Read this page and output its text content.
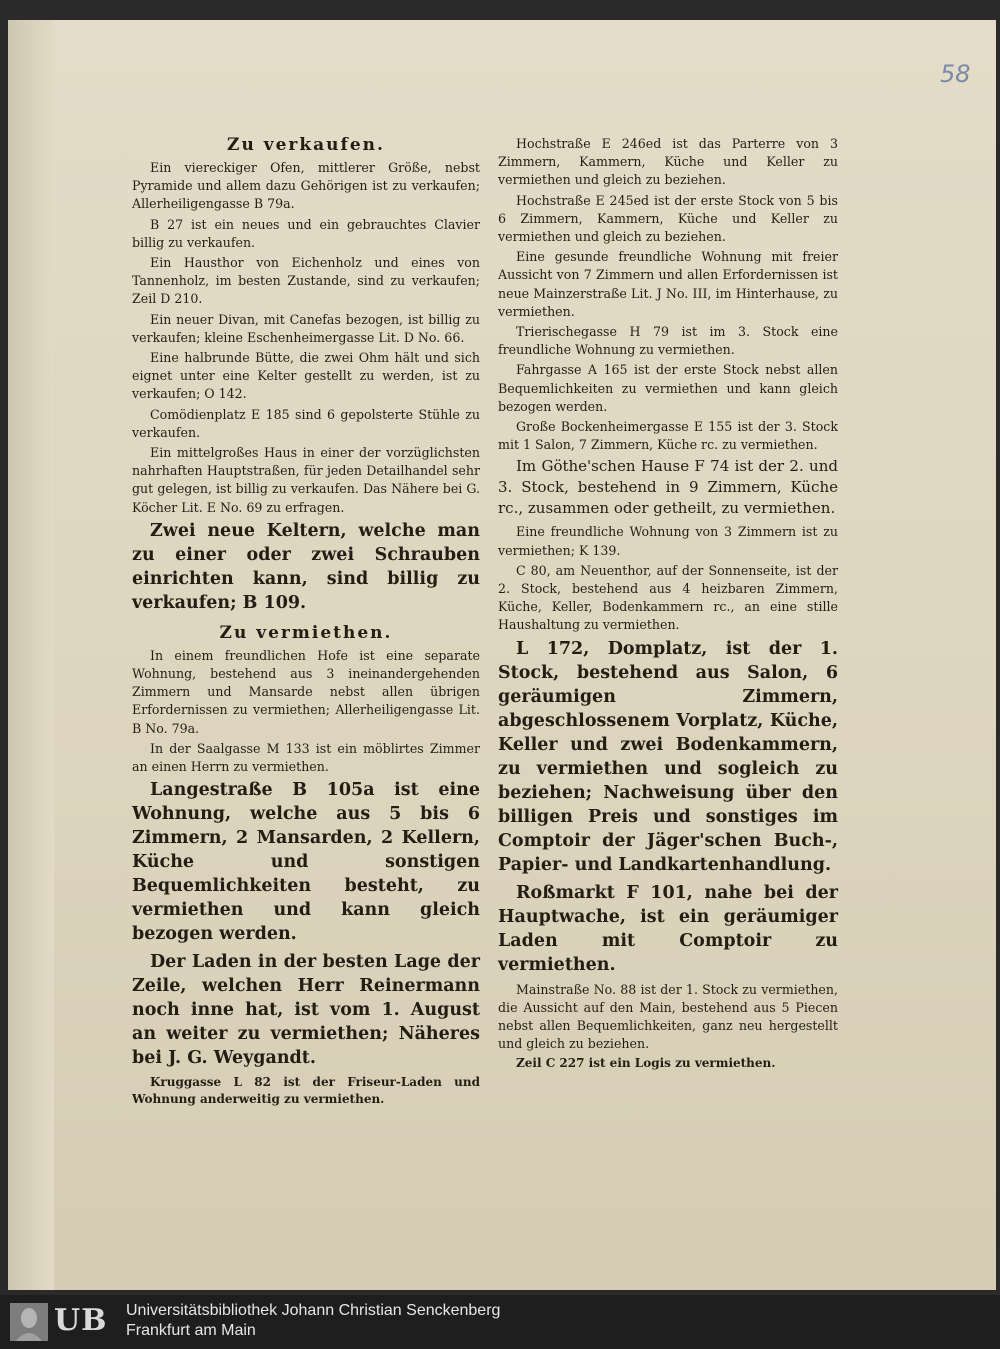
58
Zu verkaufen.
Ein viereckiger Ofen, mittlerer Größe, nebst Pyramide und allem dazu Gehörigen ist zu verkaufen; Allerheiligengasse B 79a.
B 27 ist ein neues und ein gebrauchtes Clavier billig zu verkaufen.
Ein Hausthor von Eichenholz und eines von Tannenholz, im besten Zustande, sind zu verkaufen; Zeil D 210.
Ein neuer Divan, mit Canefas bezogen, ist billig zu verkaufen; kleine Eschenheimergasse Lit. D No. 66.
Eine halbrunde Bütte, die zwei Ohm hält und sich eignet unter eine Kelter gestellt zu werden, ist zu verkaufen; O 142.
Comödienplatz E 185 sind 6 gepolsterte Stühle zu verkaufen.
Ein mittelgroßes Haus in einer der vorzüglichsten nahrhaften Hauptstraßen, für jeden Detailhandel sehr gut gelegen, ist billig zu verkaufen. Das Nähere bei G. Köcher Lit. E No. 69 zu erfragen.
Zwei neue Keltern, welche man zu einer oder zwei Schrauben einrichten kann, sind billig zu verkaufen; B 109.
Zu vermiethen.
In einem freundlichen Hofe ist eine separate Wohnung, bestehend aus 3 ineinandergehenden Zimmern und Mansarde nebst allen übrigen Erfordernissen zu vermiethen; Allerheiligengasse Lit. B No. 79a.
In der Saalgasse M 133 ist ein möblirtes Zimmer an einen Herrn zu vermiethen.
Langestraße B 105a ist eine Wohnung, welche aus 5 bis 6 Zimmern, 2 Mansarden, 2 Kellern, Küche und sonstigen Bequemlichkeiten besteht, zu vermiethen und kann gleich bezogen werden.
Der Laden in der besten Lage der Zeile, welchen Herr Reinermann noch inne hat, ist vom 1. August an weiter zu vermiethen; Näheres bei J. G. Weygandt.
Kruggasse L 82 ist der Friseur-Laden und Wohnung anderweitig zu vermiethen.
Hochstraße E 246ed ist das Parterre von 3 Zimmern, Kammern, Küche und Keller zu vermiethen und gleich zu beziehen.
Hochstraße E 245ed ist der erste Stock von 5 bis 6 Zimmern, Kammern, Küche und Keller zu vermiethen und gleich zu beziehen.
Eine gesunde freundliche Wohnung mit freier Aussicht von 7 Zimmern und allen Erfordernissen ist neue Mainzerstraße Lit. J No. III, im Hinterhause, zu vermiethen.
Trierischegasse H 79 ist im 3. Stock eine freundliche Wohnung zu vermiethen.
Fahrgasse A 165 ist der erste Stock nebst allen Bequemlichkeiten zu vermiethen und kann gleich bezogen werden.
Große Bockenheimergasse E 155 ist der 3. Stock mit 1 Salon, 7 Zimmern, Küche rc. zu vermiethen.
Im Göthe'schen Hause F 74 ist der 2. und 3. Stock, bestehend in 9 Zimmern, Küche rc., zusammen oder getheilt, zu vermiethen.
Eine freundliche Wohnung von 3 Zimmern ist zu vermiethen; K 139.
C 80, am Neuenthor, auf der Sonnenseite, ist der 2. Stock, bestehend aus 4 heizbaren Zimmern, Küche, Keller, Bodenkammern rc., an eine stille Haushaltung zu vermiethen.
L 172, Domplatz, ist der 1. Stock, bestehend aus Salon, 6 geräumigen Zimmern, abgeschlossenem Vorplatz, Küche, Keller und zwei Bodenkammern, zu vermiethen und sogleich zu beziehen; Nachweisung über den billigen Preis und sonstiges im Comptoir der Jäger'schen Buch-, Papier- und Landkartenhandlung.
Roßmarkt F 101, nahe bei der Hauptwache, ist ein geräumiger Laden mit Comptoir zu vermiethen.
Mainstraße No. 88 ist der 1. Stock zu vermiethen, die Aussicht auf den Main, bestehend aus 5 Piecen nebst allen Bequemlichkeiten, ganz neu hergestellt und gleich zu beziehen.
Zeil C 227 ist ein Logis zu vermiethen.
UB Universitätsbibliothek Johann Christian Senckenberg
Frankfurt am Main
